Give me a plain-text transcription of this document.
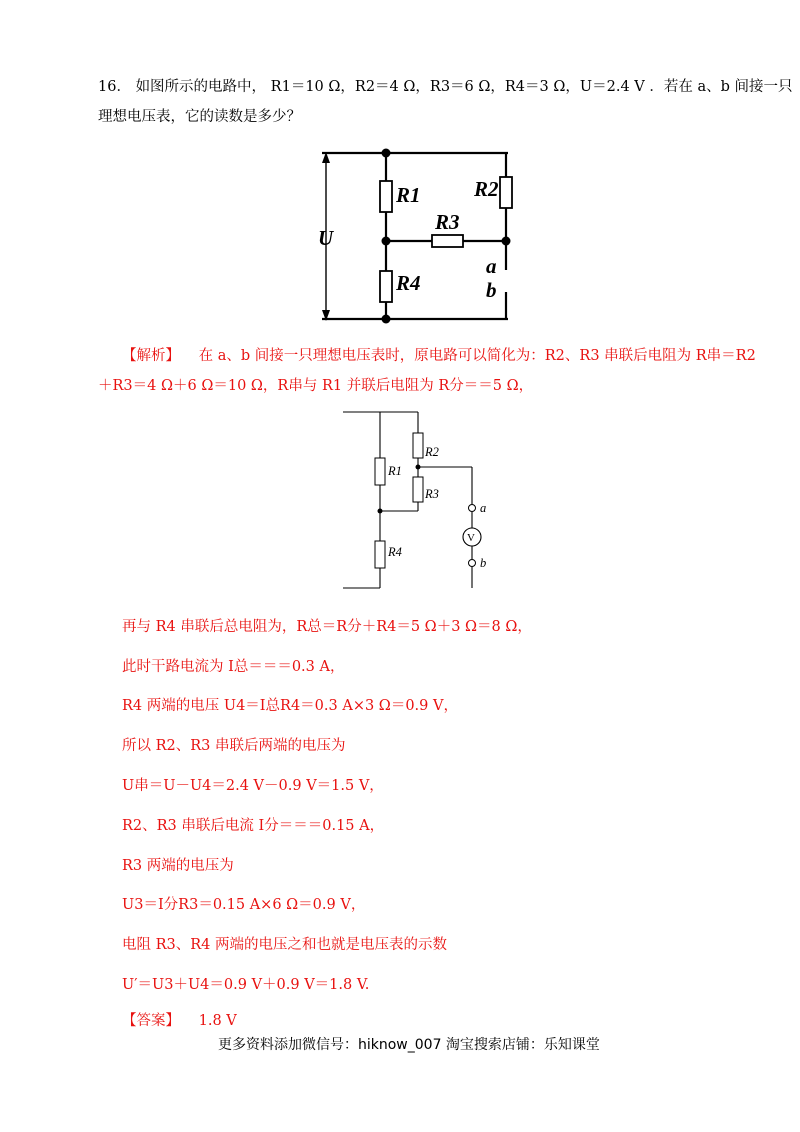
16． 如图所示的电路中， R1＝10 Ω，R2＝4 Ω，R3＝6 Ω，R4＝3 Ω，U＝2.4 V ．若在 a、b 间接一只
理想电压表，它的读数是多少？
U
R1	R2
R3
R4
a
b
【解析】 在 a、b 间接一只理想电压表时，原电路可以简化为：R2、R3 串联后电阻为 R串＝R2
＋R3＝4 Ω＋6 Ω＝10 Ω，R串与 R1 并联后电阻为 R分＝＝5 Ω，
V
R1
R2
R3
R4
a
b
再与 R4 串联后总电阻为，R总＝R分＋R4＝5 Ω＋3 Ω＝8 Ω，
此时干路电流为 I总＝＝＝0.3 A，
R4 两端的电压 U4＝I总R4＝0.3 A×3 Ω＝0.9 V，
所以 R2、R3 串联后两端的电压为
U串＝U－U4＝2.4 V－0.9 V＝1.5 V，
R2、R3 串联后电流 I分＝＝＝0.15 A，
R3 两端的电压为
U3＝I分R3＝0.15 A×6 Ω＝0.9 V，
电阻 R3、R4 两端的电压之和也就是电压表的示数
U′＝U3＋U4＝0.9 V＋0.9 V＝1.8 V.
【答案】 1.8 V
更多资料添加微信号：hiknow_007 淘宝搜索店铺：乐知课堂
